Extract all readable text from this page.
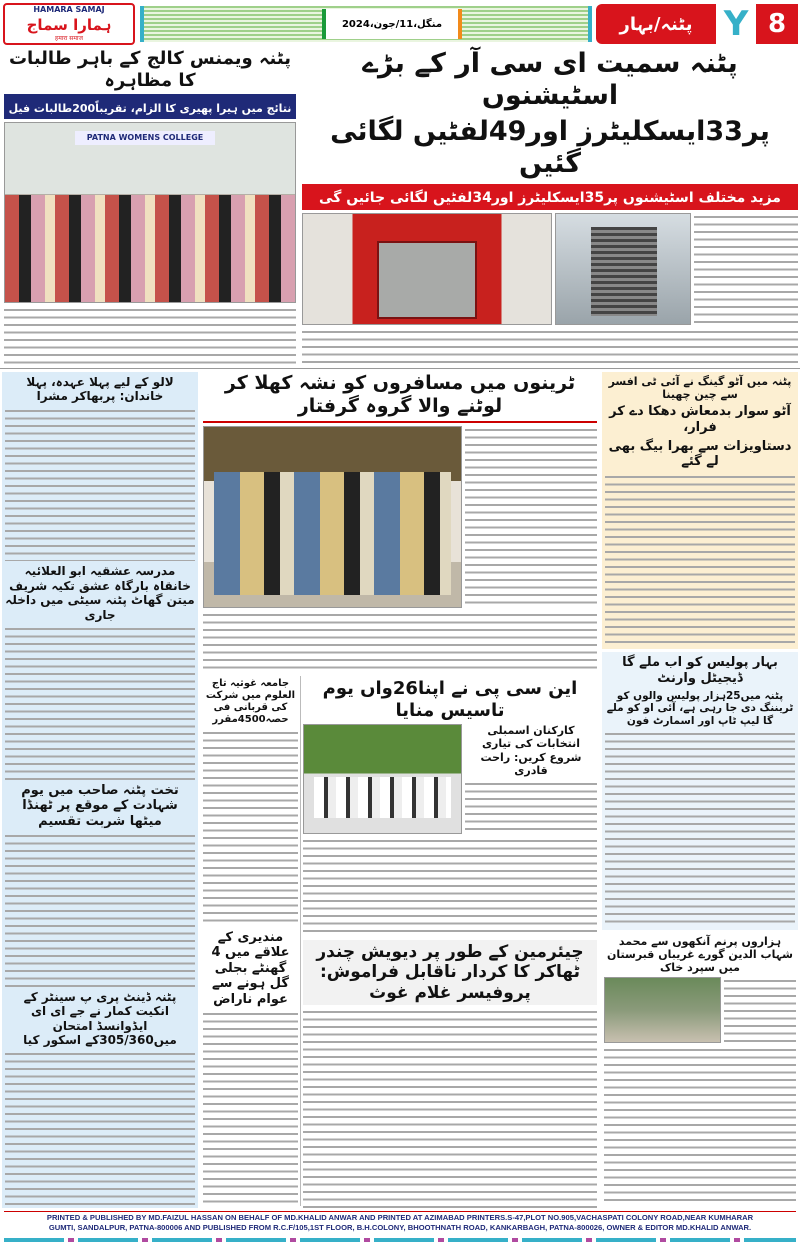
HAMARA SAMAJ
ہمارا سماج
हमारा समाज
منگل،11/جون،2024	پٹنہ/بہار Y 8
پٹنہ سمیت ای سی آر کے بڑے اسٹیشنوں
پر33ایسکلیٹرز اور49لفٹیں لگائی گئیں
مزید مختلف اسٹیشنوں پر35ایسکلیٹرز اور34لفٹیں لگائی جائیں گی
پٹنہ ویمنس کالج کے باہر طالبات کا مظاہرہ
نتائج میں ہیرا پھیری کا الزام، تقریباً200طالبات فیل
PATNA WOMENS COLLEGE
لالو کے لیے پہلا عہدہ، پہلا خاندان: پربھاکر مشرا
مدرسہ عشقیہ ابو العلائیہ خانقاہ بارگاہ عشق تکیہ شریف میتن گھاٹ پٹنہ سیٹی میں داخلہ جاری
تخت پٹنہ صاحب میں یوم شہادت کے موقع پر ٹھنڈا میٹھا شربت تقسیم
پٹنہ ڈینٹ پری پ سینٹر کے انکیت کمار نے جے ای ای ایڈوانسڈ امتحان میں305/360کے اسکور کیا
ٹرینوں میں مسافروں کو نشہ کھلا کر لوٹنے والا گروہ گرفتار
پٹنہ میں آٹو گینگ نے آئی ٹی افسر سے چین چھینا
آٹو سوار بدمعاش دھکا دے کر فرار،
دستاویزات سے بھرا بیگ بھی لے گئے
بہار پولیس کو اب ملے گا ڈیجیٹل وارنٹ
پٹنہ میں25ہزار پولیس والوں کو ٹریننگ دی جا رہی ہے، آئی او کو ملے گا لیپ ٹاپ اور اسمارٹ فون
ہزاروں پرنم آنکھوں سے محمد شہاب الدین گورے غریباں قبرستان میں سپرد خاک
جامعہ غوثیہ تاج العلوم میں شرکت کی قربانی فی حصہ4500مقرر
مندیری کے علاقے میں 4 گھنٹے بجلی گل ہونے سے عوام ناراض
این سی پی نے اپنا26واں یوم تاسیس منایا
کارکنان اسمبلی انتخابات کی تیاری شروع کریں: راحت قادری
چیئرمین کے طور پر دیویش چندر ٹھاکر کا کردار ناقابل فراموش: پروفیسر غلام غوث
PRINTED & PUBLISHED BY MD.FAIZUL HASSAN ON BEHALF OF MD.KHALID ANWAR AND PRINTED AT AZIMABAD PRINTERS.S-47,PLOT NO.905,VACHASPATI COLONY ROAD,NEAR KUMHARAR
GUMTI, SANDALPUR, PATNA-800006 AND PUBLISHED FROM R.C.F/105,1ST FLOOR, B.H.COLONY, BHOOTHNATH ROAD, KANKARBAGH, PATNA-800026, OWNER & EDITOR MD.KHALID ANWAR.
